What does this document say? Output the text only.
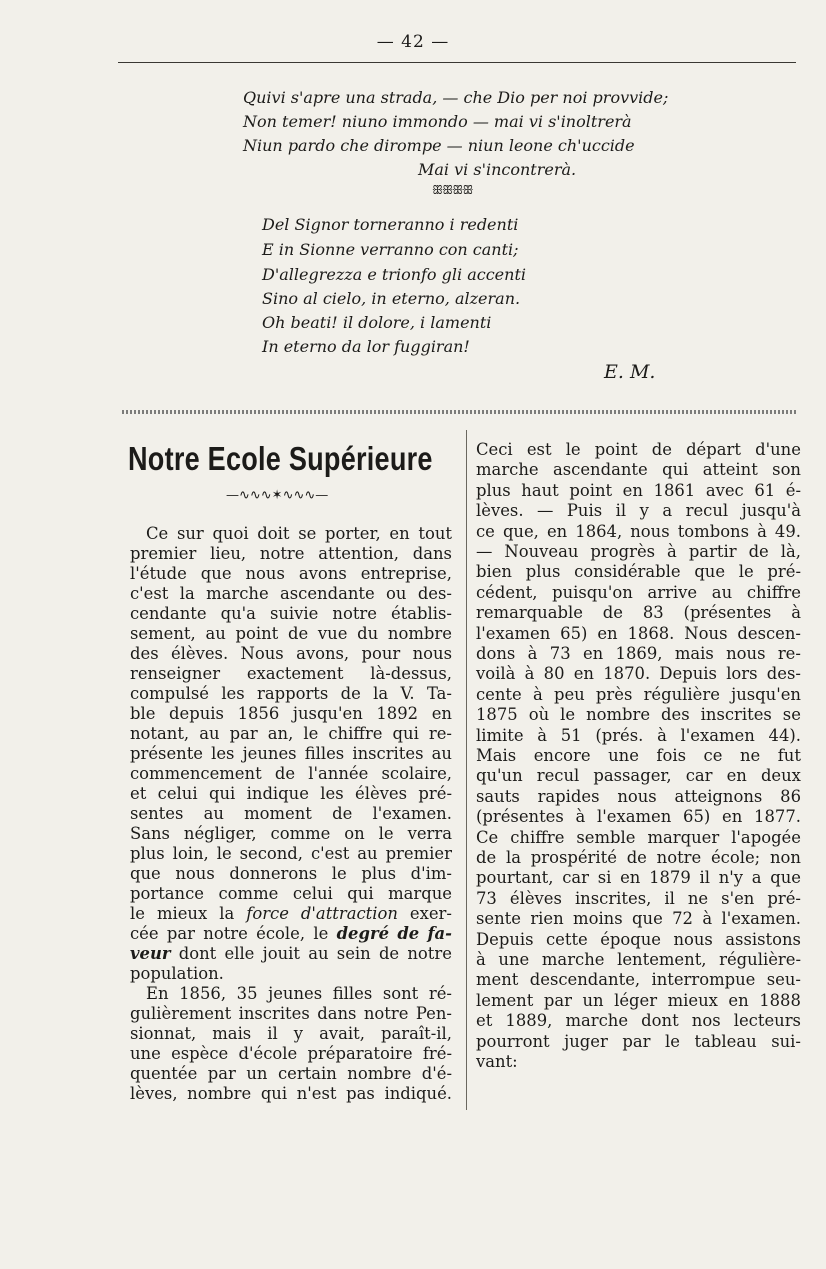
— 42 —
Quivi s'apre una strada, — che Dio per noi provvide;
Non temer! niuno immondo — mai vi s'inoltrerà
Niun pardo che dirompe — niun leone ch'uccide
Mai vi s'incontrerà.
ꕥꕥꕥꕥ
Del Signor torneranno i redenti
E in Sionne verranno con canti;
D'allegrezza e trionfo gli accenti
Sino al cielo, in eterno, alzeran.
Oh beati! il dolore, i lamenti
In eterno da lor fuggiran!
E. M.
Notre Ecole Supérieure
—∿∿∿✶∿∿∿—
Ce sur quoi doit se porter, en tout
premier lieu, notre attention, dans
l'étude que nous avons entreprise,
c'est la marche ascendante ou des-
cendante qu'a suivie notre établis-
sement, au point de vue du nombre
des élèves. Nous avons, pour nous
renseigner exactement là-dessus,
compulsé les rapports de la V. Ta-
ble depuis 1856 jusqu'en 1892 en
notant, au par an, le chiffre qui re-
présente les jeunes filles inscrites au
commencement de l'année scolaire,
et celui qui indique les élèves pré-
sentes au moment de l'examen.
Sans négliger, comme on le verra
plus loin, le second, c'est au premier
que nous donnerons le plus d'im-
portance comme celui qui marque
le mieux la force d'attraction exer-
cée par notre école, le degré de fa-
veur dont elle jouit au sein de notre
population.
En 1856, 35 jeunes filles sont ré-
gulièrement inscrites dans notre Pen-
sionnat, mais il y avait, paraît-il,
une espèce d'école préparatoire fré-
quentée par un certain nombre d'é-
lèves, nombre qui n'est pas indiqué.
Ceci est le point de départ d'une
marche ascendante qui atteint son
plus haut point en 1861 avec 61 é-
lèves. — Puis il y a recul jusqu'à
ce que, en 1864, nous tombons à 49.
— Nouveau progrès à partir de là,
bien plus considérable que le pré-
cédent, puisqu'on arrive au chiffre
remarquable de 83 (présentes à
l'examen 65) en 1868. Nous descen-
dons à 73 en 1869, mais nous re-
voilà à 80 en 1870. Depuis lors des-
cente à peu près régulière jusqu'en
1875 où le nombre des inscrites se
limite à 51 (prés. à l'examen 44).
Mais encore une fois ce ne fut
qu'un recul passager, car en deux
sauts rapides nous atteignons 86
(présentes à l'examen 65) en 1877.
Ce chiffre semble marquer l'apogée
de la prospérité de notre école; non
pourtant, car si en 1879 il n'y a que
73 élèves inscrites, il ne s'en pré-
sente rien moins que 72 à l'examen.
Depuis cette époque nous assistons
à une marche lentement, régulière-
ment descendante, interrompue seu-
lement par un léger mieux en 1888
et 1889, marche dont nos lecteurs
pourront juger par le tableau sui-
vant:
